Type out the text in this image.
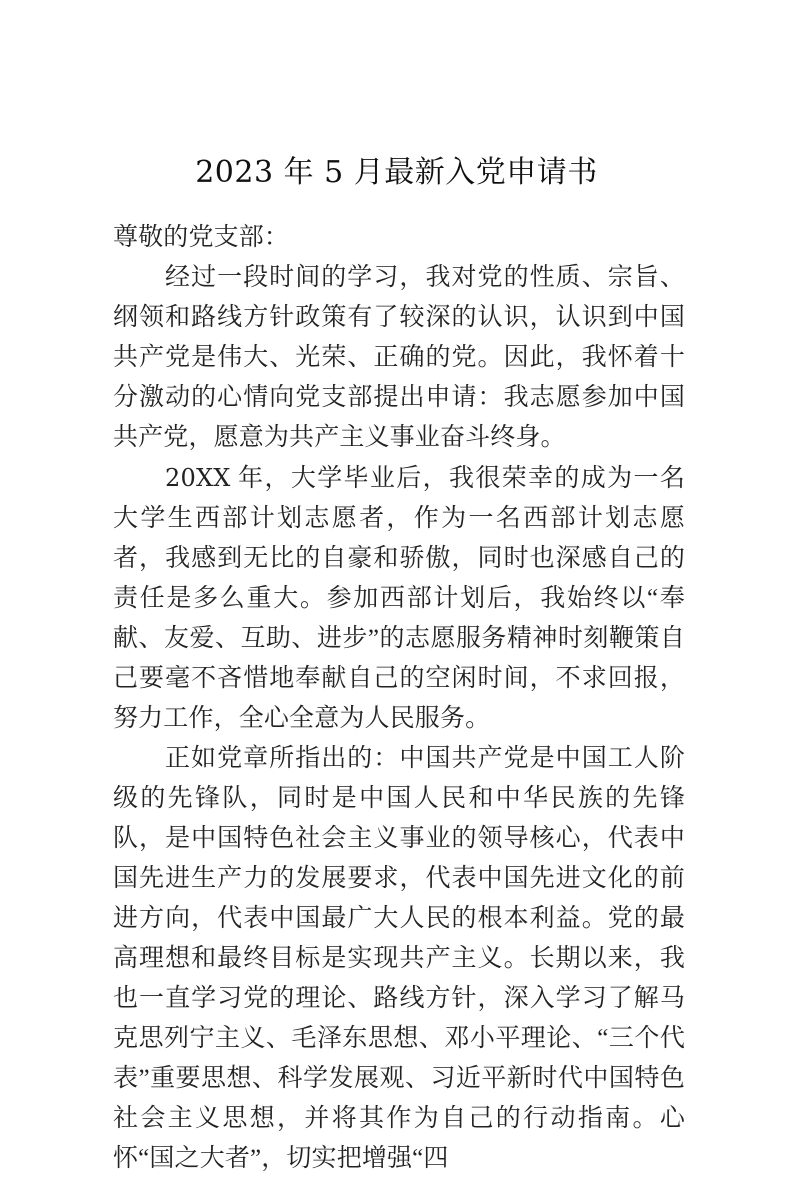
2023 年 5 月最新入党申请书

尊敬的党支部：

经过一段时间的学习，我对党的性质、宗旨、纲领和路线方针政策有了较深的认识，认识到中国共产党是伟大、光荣、正确的党。因此，我怀着十分激动的心情向党支部提出申请：我志愿参加中国共产党，愿意为共产主义事业奋斗终身。

20XX 年，大学毕业后，我很荣幸的成为一名大学生西部计划志愿者，作为一名西部计划志愿者，我感到无比的自豪和骄傲，同时也深感自己的责任是多么重大。参加西部计划后，我始终以“奉献、友爱、互助、进步”的志愿服务精神时刻鞭策自己要毫不吝惜地奉献自己的空闲时间，不求回报，努力工作，全心全意为人民服务。

正如党章所指出的：中国共产党是中国工人阶级的先锋队，同时是中国人民和中华民族的先锋队，是中国特色社会主义事业的领导核心，代表中国先进生产力的发展要求，代表中国先进文化的前进方向，代表中国最广大人民的根本利益。党的最高理想和最终目标是实现共产主义。长期以来，我也一直学习党的理论、路线方针，深入学习了解马克思列宁主义、毛泽东思想、邓小平理论、“三个代表”重要思想、科学发展观、习近平新时代中国特色社会主义思想，并将其作为自己的行动指南。心怀“国之大者”，切实把增强“四
